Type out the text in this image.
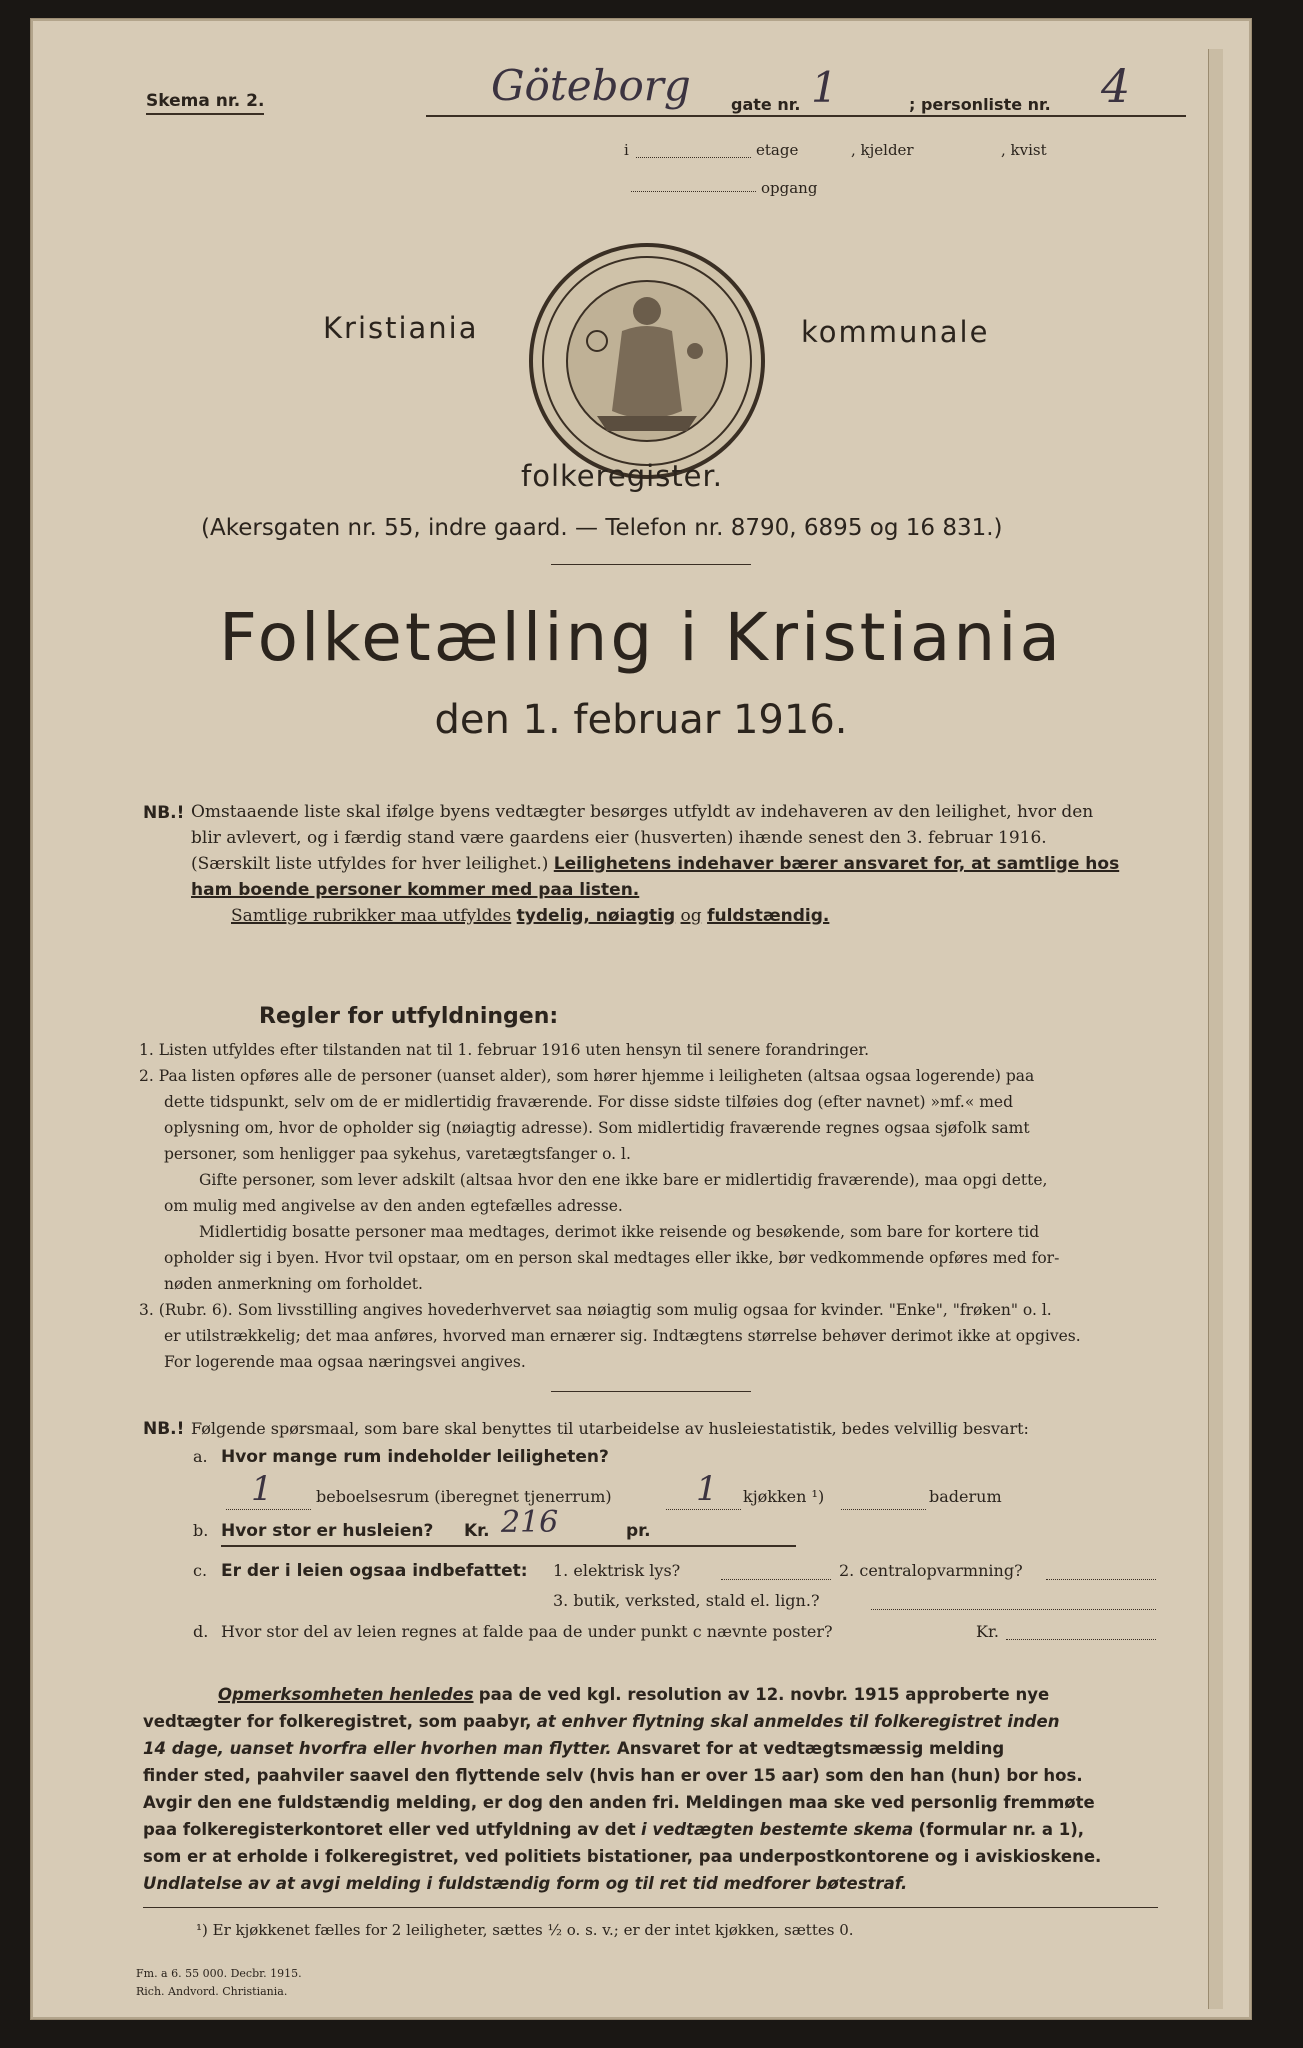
Skema nr. 2.	Göteborg	gate nr. 1	; personliste nr. 4
i	etage	, kjelder	, kvist
opgang
Kristiania	kommunale
folkeregister.
(Akersgaten nr. 55, indre gaard. — Telefon nr. 8790, 6895 og 16 831.)
Folketælling i Kristiania
den 1. februar 1916.
NB.! Omstaaende liste skal ifølge byens vedtægter besørges utfyldt av indehaveren av den leilighet, hvor den
blir avlevert, og i færdig stand være gaardens eier (husverten) ihænde senest den 3. februar 1916.
(Særskilt liste utfyldes for hver leilighet.) Leilighetens indehaver bærer ansvaret for, at samtlige hos
ham boende personer kommer med paa listen.
Samtlige rubrikker maa utfyldes tydelig, nøiagtig og fuldstændig.
Regler for utfyldningen:
1. Listen utfyldes efter tilstanden nat til 1. februar 1916 uten hensyn til senere forandringer.
2. Paa listen opføres alle de personer (uanset alder), som hører hjemme i leiligheten (altsaa ogsaa logerende) paa
dette tidspunkt, selv om de er midlertidig fraværende. For disse sidste tilføies dog (efter navnet) »mf.« med
oplysning om, hvor de opholder sig (nøiagtig adresse). Som midlertidig fraværende regnes ogsaa sjøfolk samt
personer, som henligger paa sykehus, varetægtsfanger o. l.
Gifte personer, som lever adskilt (altsaa hvor den ene ikke bare er midlertidig fraværende), maa opgi dette,
om mulig med angivelse av den anden egtefælles adresse.
Midlertidig bosatte personer maa medtages, derimot ikke reisende og besøkende, som bare for kortere tid
opholder sig i byen. Hvor tvil opstaar, om en person skal medtages eller ikke, bør vedkommende opføres med for-
nøden anmerkning om forholdet.
3. (Rubr. 6). Som livsstilling angives hovederhvervet saa nøiagtig som mulig ogsaa for kvinder. "Enke", "frøken" o. l.
er utilstrækkelig; det maa anføres, hvorved man ernærer sig. Indtægtens størrelse behøver derimot ikke at opgives.
For logerende maa ogsaa næringsvei angives.
NB.! Følgende spørsmaal, som bare skal benyttes til utarbeidelse av husleiestatistik, bedes velvillig besvart:
a. Hvor mange rum indeholder leiligheten?
1	beboelsesrum (iberegnet tjenerrum) 1 kjøkken ¹)	baderum
b. Hvor stor er husleien? Kr. 216	pr.
c. Er der i leien ogsaa indbefattet: 1. elektrisk lys?	2. centralopvarmning?
3. butik, verksted, stald el. lign.?
d. Hvor stor del av leien regnes at falde paa de under punkt c nævnte poster?	Kr.
Opmerksomheten henledes paa de ved kgl. resolution av 12. novbr. 1915 approberte nye
vedtægter for folkeregistret, som paabyr, at enhver flytning skal anmeldes til folkeregistret inden
14 dage, uanset hvorfra eller hvorhen man flytter. Ansvaret for at vedtægtsmæssig melding
finder sted, paahviler saavel den flyttende selv (hvis han er over 15 aar) som den han (hun) bor hos.
Avgir den ene fuldstændig melding, er dog den anden fri. Meldingen maa ske ved personlig fremmøte
paa folkeregisterkontoret eller ved utfyldning av det i vedtægten bestemte skema (formular nr. a 1),
som er at erholde i folkeregistret, ved politiets bistationer, paa underpostkontorene og i aviskioskene.
Undlatelse av at avgi melding i fuldstændig form og til ret tid medforer bøtestraf.
¹) Er kjøkkenet fælles for 2 leiligheter, sættes ½ o. s. v.; er der intet kjøkken, sættes 0.
Fm. a 6. 55 000. Decbr. 1915.
Rich. Andvord. Christiania.
